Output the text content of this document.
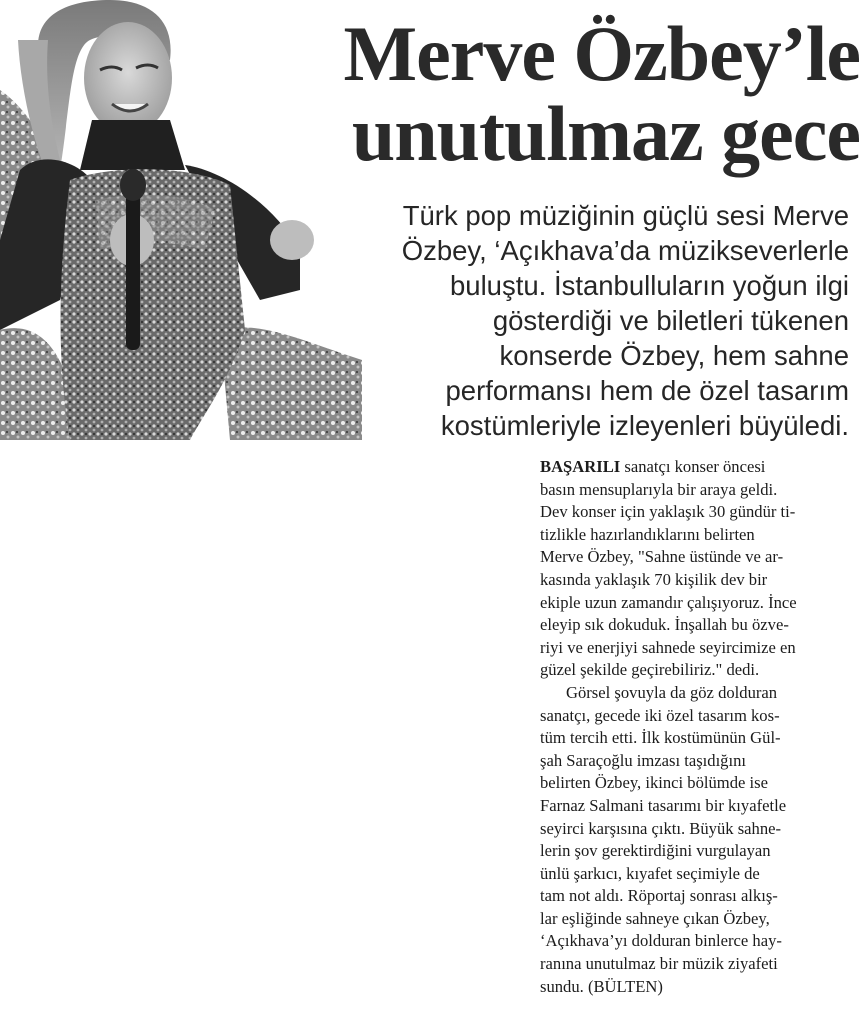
Merve Özbey’le
unutulmaz gece

Türk pop müziğinin güçlü sesi Merve
Özbey, ‘Açıkhava’da müzikseverlerle
buluştu. İstanbulluların yoğun ilgi
gösterdiği ve biletleri tükenen
konserde Özbey, hem sahne
performansı hem de özel tasarım
kostümleriyle izleyenleri büyüledi.

BAŞARILI sanatçı konser öncesi
basın mensuplarıyla bir araya geldi.
Dev konser için yaklaşık 30 gündür ti-
tizlikle hazırlandıklarını belirten
Merve Özbey, "Sahne üstünde ve ar-
kasında yaklaşık 70 kişilik dev bir
ekiple uzun zamandır çalışıyoruz. İnce
eleyip sık dokuduk. İnşallah bu özve-
riyi ve enerjiyi sahnede seyircimize en
güzel şekilde geçirebiliriz." dedi.
Görsel şovuyla da göz dolduran
sanatçı, gecede iki özel tasarım kos-
tüm tercih etti. İlk kostümünün Gül-
şah Saraçoğlu imzası taşıdığını
belirten Özbey, ikinci bölümde ise
Farnaz Salmani tasarımı bir kıyafetle
seyirci karşısına çıktı. Büyük sahne-
lerin şov gerektirdiğini vurgulayan
ünlü şarkıcı, kıyafet seçimiyle de
tam not aldı. Röportaj sonrası alkış-
lar eşliğinde sahneye çıkan Özbey,
‘Açıkhava’yı dolduran binlerce hay-
ranına unutulmaz bir müzik ziyafeti
sundu. (BÜLTEN)
